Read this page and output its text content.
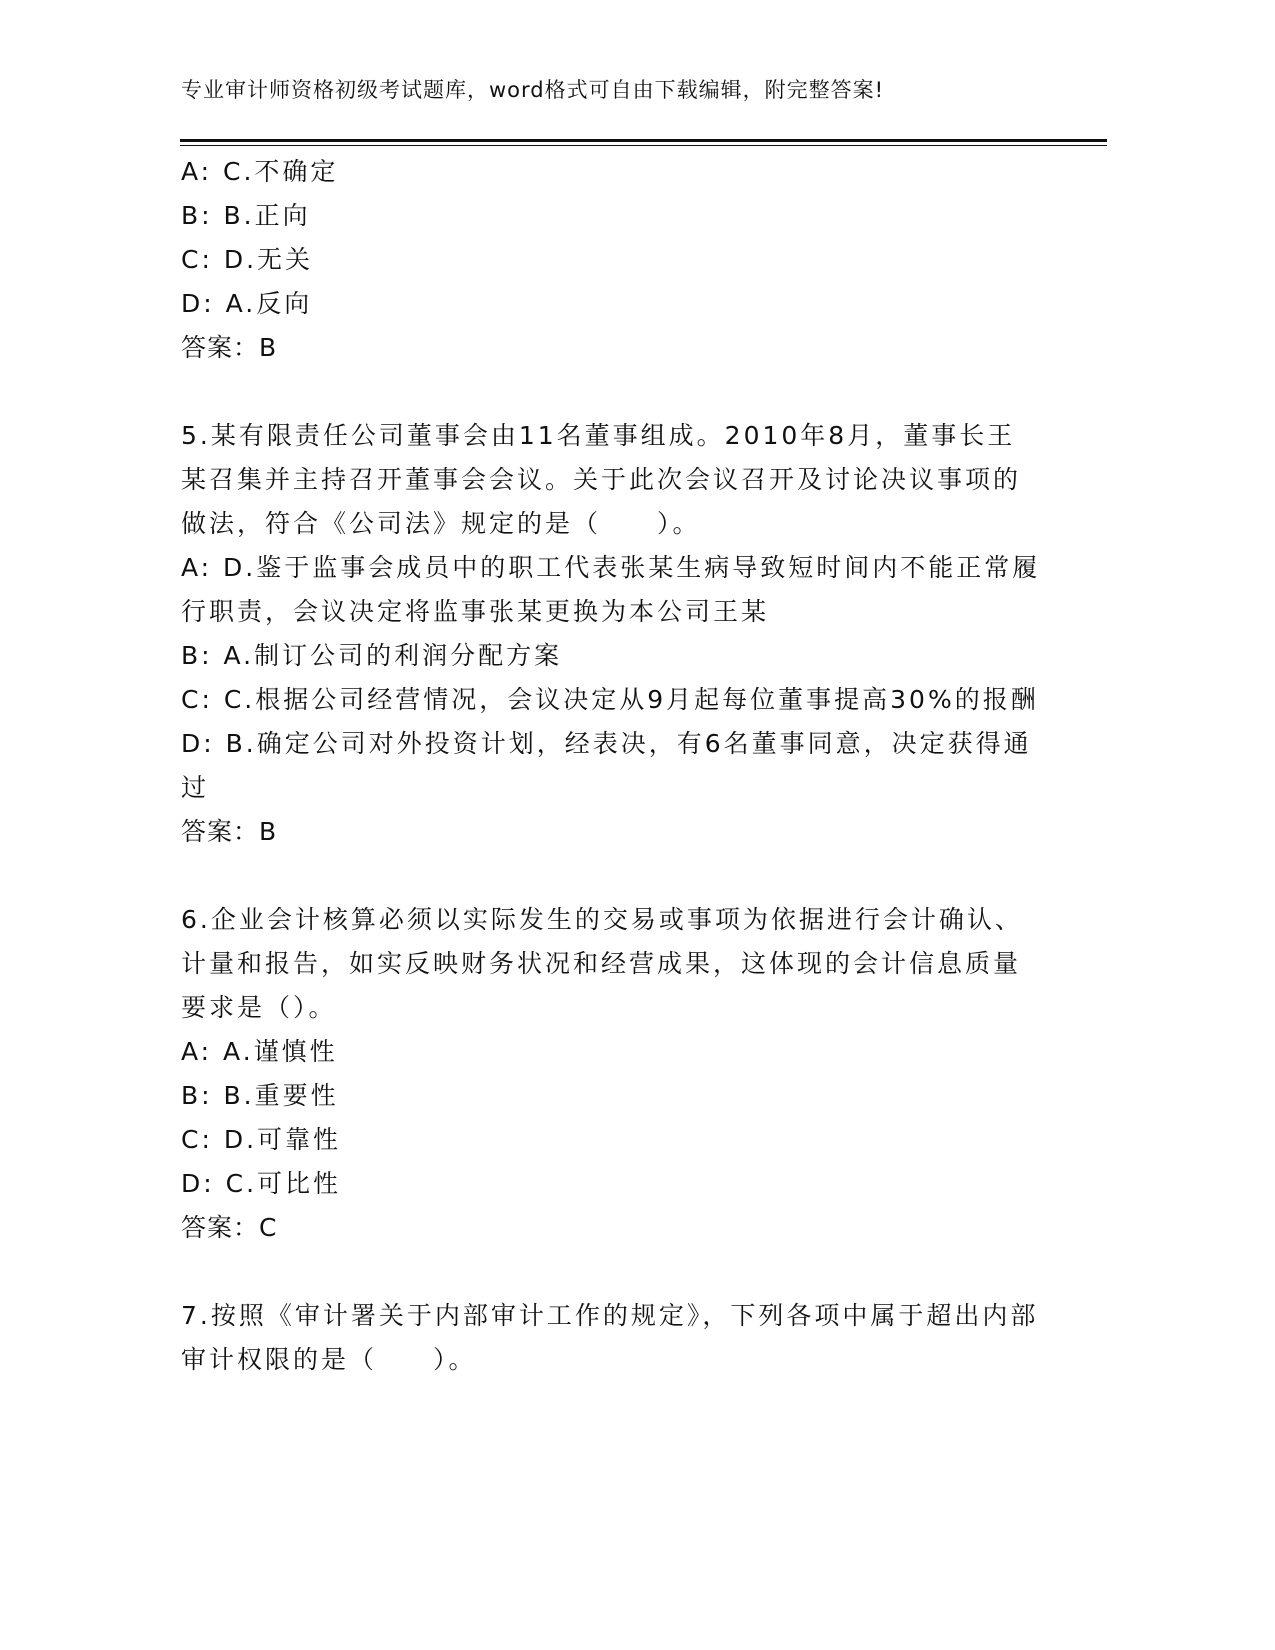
专业审计师资格初级考试题库，word格式可自由下载编辑，附完整答案!

A: C.不确定

B: B.正向

C: D.无关

D: A.反向

答案：B

5.某有限责任公司董事会由11名董事组成。2010年8月，董事长王某召集并主持召开董事会会议。关于此次会议召开及讨论决议事项的做法，符合《公司法》规定的是（　　）。

A: D.鉴于监事会成员中的职工代表张某生病导致短时间内不能正常履行职责，会议决定将监事张某更换为本公司王某

B: A.制订公司的利润分配方案

C: C.根据公司经营情况，会议决定从9月起每位董事提高30%的报酬

D: B.确定公司对外投资计划，经表决，有6名董事同意，决定获得通过

答案：B

6.企业会计核算必须以实际发生的交易或事项为依据进行会计确认、计量和报告，如实反映财务状况和经营成果，这体现的会计信息质量要求是（）。

A: A.谨慎性

B: B.重要性

C: D.可靠性

D: C.可比性

答案：C

7.按照《审计署关于内部审计工作的规定》，下列各项中属于超出内部审计权限的是（　　）。
